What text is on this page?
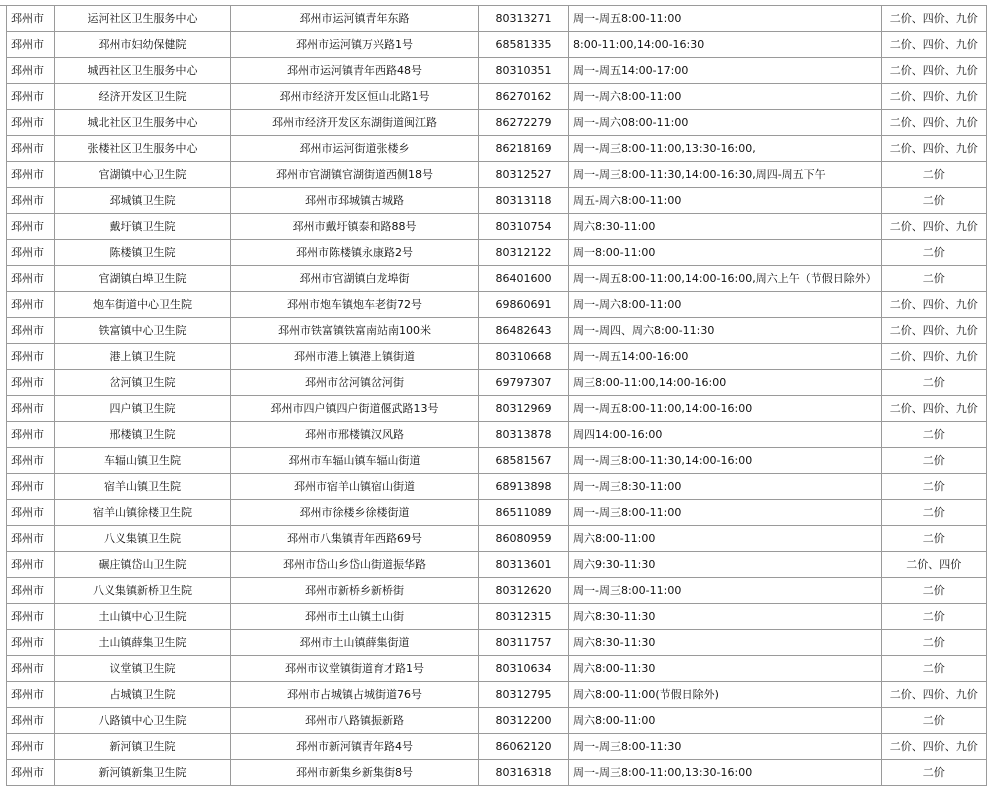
邳州市	运河社区卫生服务中心	邳州市运河镇青年东路	80313271	周一-周五8:00-11:00	二价、四价、九价
邳州市	邳州市妇幼保健院	邳州市运河镇万兴路1号	68581335	8:00-11:00,14:00-16:30	二价、四价、九价
邳州市	城西社区卫生服务中心	邳州市运河镇青年西路48号	80310351	周一-周五14:00-17:00	二价、四价、九价
邳州市	经济开发区卫生院	邳州市经济开发区恒山北路1号	86270162	周一-周六8:00-11:00	二价、四价、九价
邳州市	城北社区卫生服务中心	邳州市经济开发区东湖街道闽江路	86272279	周一-周六08:00-11:00	二价、四价、九价
邳州市	张楼社区卫生服务中心	邳州市运河街道张楼乡	86218169	周一-周三8:00-11:00,13:30-16:00,	二价、四价、九价
邳州市	官湖镇中心卫生院	邳州市官湖镇官湖街道西侧18号	80312527	周一-周三8:00-11:30,14:00-16:30,周四-周五下午	二价
邳州市	邳城镇卫生院	邳州市邳城镇古城路	80313118	周五-周六8:00-11:00	二价
邳州市	戴圩镇卫生院	邳州市戴圩镇泰和路88号	80310754	周六8:30-11:00	二价、四价、九价
邳州市	陈楼镇卫生院	邳州市陈楼镇永康路2号	80312122	周一8:00-11:00	二价
邳州市	官湖镇白埠卫生院	邳州市官湖镇白龙埠街	86401600	周一-周五8:00-11:00,14:00-16:00,周六上午（节假日除外）	二价
邳州市	炮车街道中心卫生院	邳州市炮车镇炮车老街72号	69860691	周一-周六8:00-11:00	二价、四价、九价
邳州市	铁富镇中心卫生院	邳州市铁富镇铁富南站南100米	86482643	周一-周四、周六8:00-11:30	二价、四价、九价
邳州市	港上镇卫生院	邳州市港上镇港上镇街道	80310668	周一-周五14:00-16:00	二价、四价、九价
邳州市	岔河镇卫生院	邳州市岔河镇岔河街	69797307	周三8:00-11:00,14:00-16:00	二价
邳州市	四户镇卫生院	邳州市四户镇四户街道偃武路13号	80312969	周一-周五8:00-11:00,14:00-16:00	二价、四价、九价
邳州市	邢楼镇卫生院	邳州市邢楼镇汉风路	80313878	周四14:00-16:00	二价
邳州市	车辐山镇卫生院	邳州市车辐山镇车辐山街道	68581567	周一-周三8:00-11:30,14:00-16:00	二价
邳州市	宿羊山镇卫生院	邳州市宿羊山镇宿山街道	68913898	周一-周三8:30-11:00	二价
邳州市	宿羊山镇徐楼卫生院	邳州市徐楼乡徐楼街道	86511089	周一-周三8:00-11:00	二价
邳州市	八义集镇卫生院	邳州市八集镇青年西路69号	86080959	周六8:00-11:00	二价
邳州市	碾庄镇岱山卫生院	邳州市岱山乡岱山街道振华路	80313601	周六9:30-11:30	二价、四价
邳州市	八义集镇新桥卫生院	邳州市新桥乡新桥街	80312620	周一-周三8:00-11:00	二价
邳州市	土山镇中心卫生院	邳州市土山镇土山街	80312315	周六8:30-11:30	二价
邳州市	土山镇薛集卫生院	邳州市土山镇薛集街道	80311757	周六8:30-11:30	二价
邳州市	议堂镇卫生院	邳州市议堂镇街道育才路1号	80310634	周六8:00-11:30	二价
邳州市	占城镇卫生院	邳州市占城镇占城街道76号	80312795	周六8:00-11:00(节假日除外)	二价、四价、九价
邳州市	八路镇中心卫生院	邳州市八路镇振新路	80312200	周六8:00-11:00	二价
邳州市	新河镇卫生院	邳州市新河镇青年路4号	86062120	周一-周三8:00-11:30	二价、四价、九价
邳州市	新河镇新集卫生院	邳州市新集乡新集街8号	80316318	周一-周三8:00-11:00,13:30-16:00	二价
